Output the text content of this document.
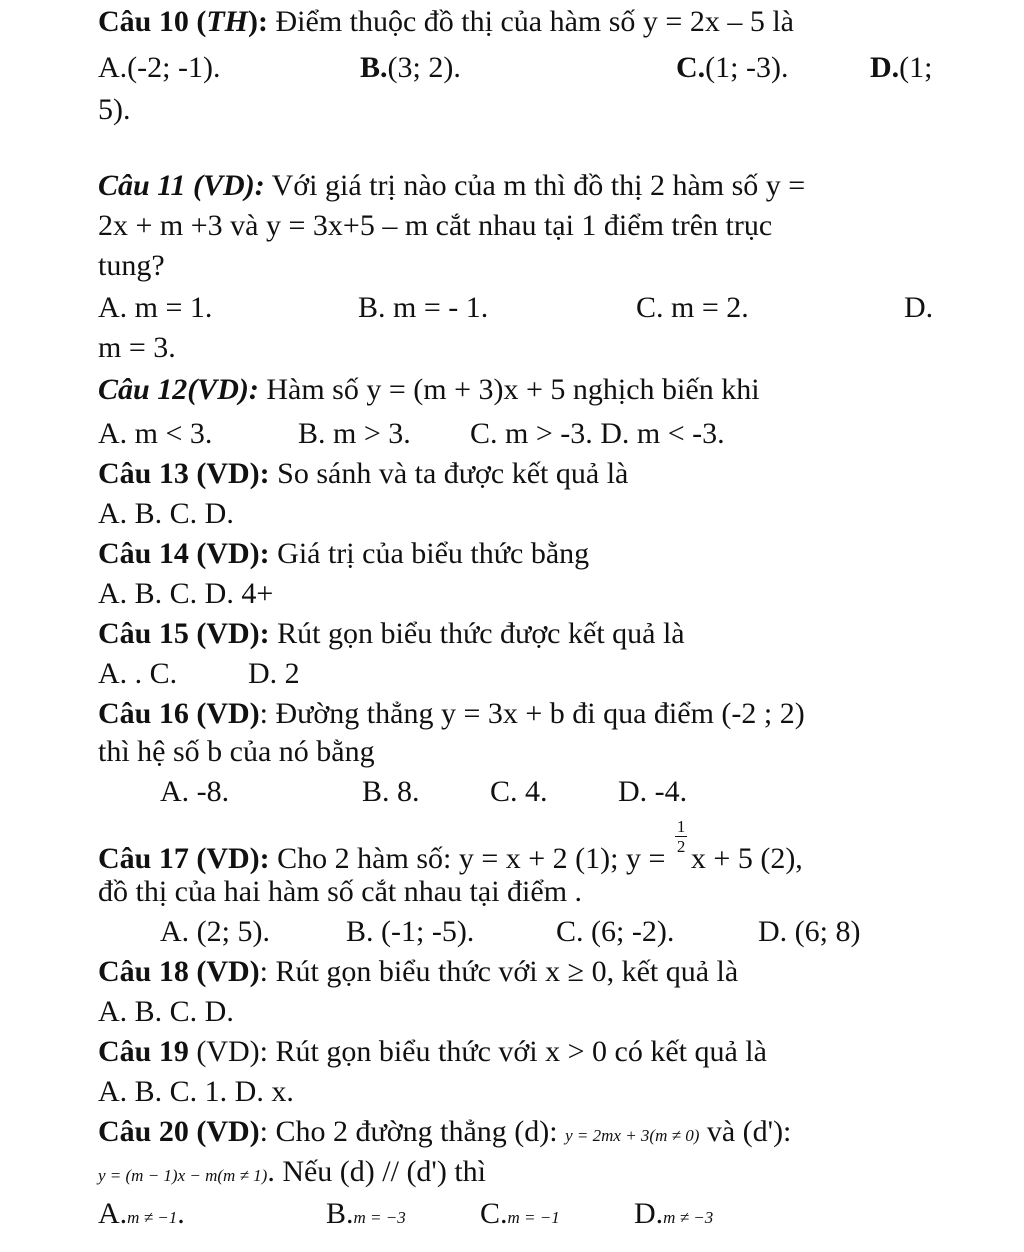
Câu 10 (TH): Điểm thuộc đồ thị của hàm số y = 2x – 5 là
A.(-2; -1).	B.(3; 2).	C.(1; -3).	D.(1;
5).
Câu 11 (VD): Với giá trị nào của m thì đồ thị 2 hàm số y =
2x + m +3 và y = 3x+5 – m cắt nhau tại 1 điểm trên trục
tung?
A. m = 1.	B. m = - 1.	C. m = 2.	D.
m = 3.
Câu 12(VD): Hàm số y = (m + 3)x + 5 nghịch biến khi
A. m < 3.	B. m > 3. C. m > -3. D. m < -3.
Câu 13 (VD): So sánh và ta được kết quả là
A. B. C. D.
Câu 14 (VD): Giá trị của biểu thức bằng
A. B. C. D. 4+
Câu 15 (VD): Rút gọn biểu thức được kết quả là
A. . C. D. 2
Câu 16 (VD): Đường thẳng y = 3x + b đi qua điểm (-2 ; 2)
thì hệ số b của nó bằng
A. -8.	B. 8. C. 4. D. -4.
Câu 17 (VD): Cho 2 hàm số: y = x + 2 (1); $y = \frac{1}{2}$ x + 5 (2),
đồ thị của hai hàm số cắt nhau tại điểm .
A. (2; 5).	B. (-1; -5).	C. (6; -2).	D. (6; 8)
Câu 18 (VD): Rút gọn biểu thức với x ≥ 0, kết quả là
A. B. C. D.
Câu 19 (VD): Rút gọn biểu thức với x > 0 có kết quả là
A. B. C. 1. D. x.
Câu 20 (VD): Cho 2 đường thẳng (d): y = 2mx + 3(m ≠ 0) và (d'):
y = (m − 1)x − m(m ≠ 1). Nếu (d) // (d') thì
A.m ≠ −1.	B.m = −3 C.m = −1 D.m ≠ −3
